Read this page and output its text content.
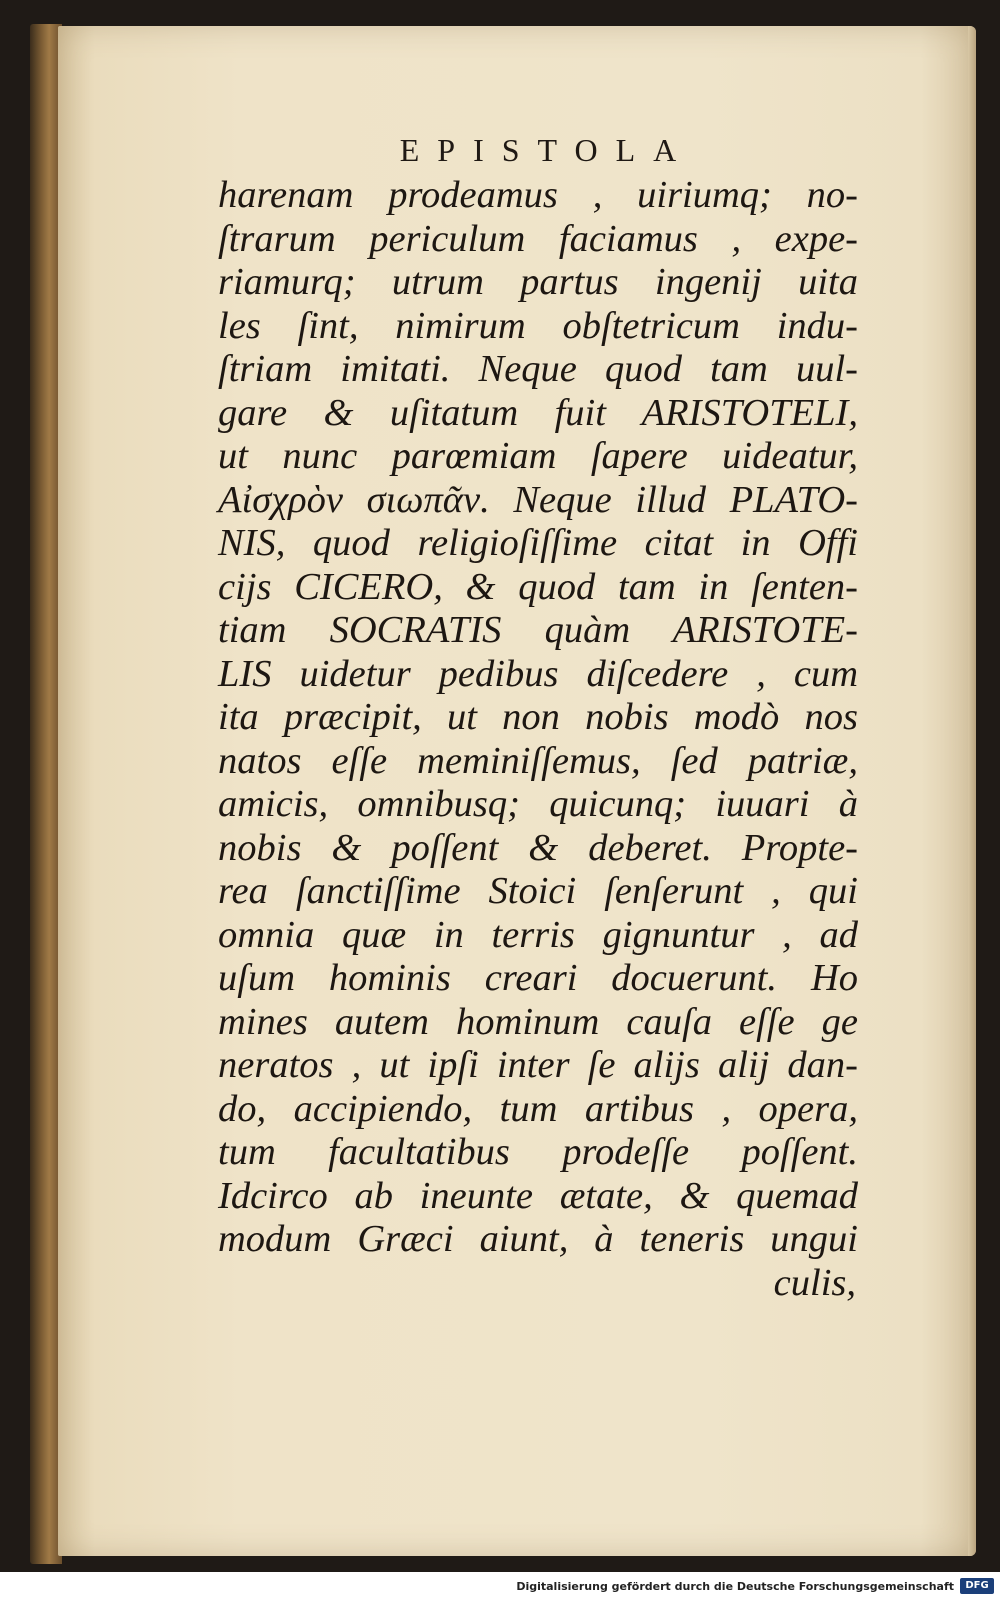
EPISTOLA
harenam prodeamus , uiriumq; no-
ſtrarum periculum faciamus , expe-
riamurq; utrum partus ingenij uita
les ſint, nimirum obſtetricum indu-
ſtriam imitati. Neque quod tam uul-
gare & uſitatum fuit ARISTOTELI,
ut nunc parœmiam ſapere uideatur,
Αἰσχρὸν σιωπᾶν. Neque illud PLATO-
NIS, quod religioſiſſime citat in Offi
cijs CICERO, & quod tam in ſenten-
tiam SOCRATIS quàm ARISTOTE-
LIS uidetur pedibus diſcedere , cum
ita præcipit, ut non nobis modò nos
natos eſſe meminiſſemus, ſed patriæ,
amicis, omnibusq; quicunq; iuuari à
nobis & poſſent & deberet. Propte-
rea ſanctiſſime Stoici ſenſerunt , qui
omnia quæ in terris gignuntur , ad
uſum hominis creari docuerunt. Ho
mines autem hominum cauſa eſſe ge
neratos , ut ipſi inter ſe alijs alij dan-
do, accipiendo, tum artibus , opera,
tum facultatibus prodeſſe poſſent.
Idcirco ab ineunte ætate, & quemad
modum Græci aiunt, à teneris ungui
culis,
Digitalisierung gefördert durch die Deutsche Forschungsgemeinschaft	DFG
